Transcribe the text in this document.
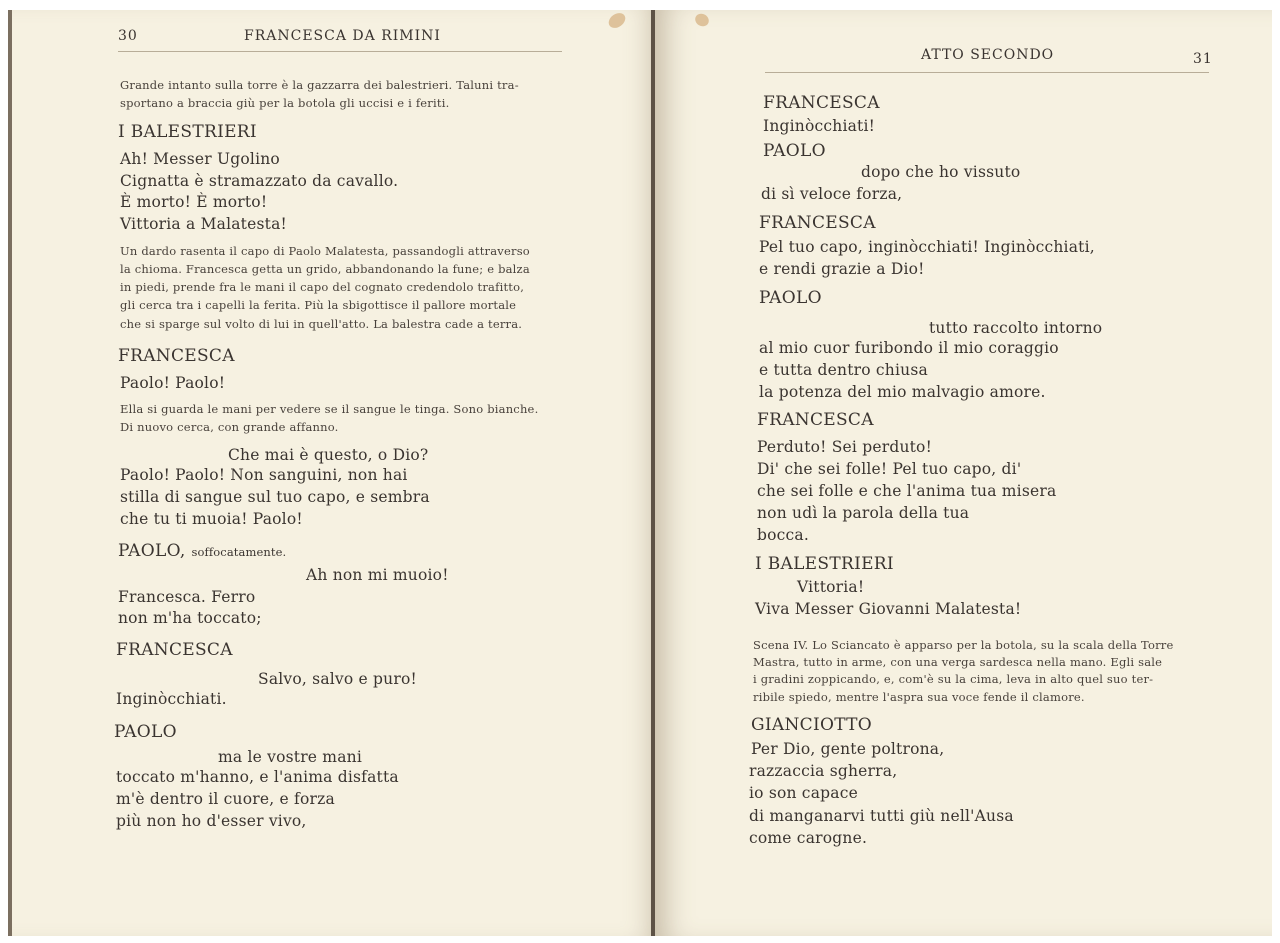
30	FRANCESCA DA RIMINI
Grande intanto sulla torre è la gazzarra dei balestrieri. Taluni tra-
sportano a braccia giù per la botola gli uccisi e i feriti.
I BALESTRIERI
Ah! Messer Ugolino
Cignatta è stramazzato da cavallo.
È morto! È morto!
Vittoria a Malatesta!
Un dardo rasenta il capo di Paolo Malatesta, passandogli attraverso
la chioma. Francesca getta un grido, abbandonando la fune; e balza
in piedi, prende fra le mani il capo del cognato credendolo trafitto,
gli cerca tra i capelli la ferita. Più la sbigottisce il pallore mortale
che si sparge sul volto di lui in quell'atto. La balestra cade a terra.
FRANCESCA
Paolo! Paolo!
Ella si guarda le mani per vedere se il sangue le tinga. Sono bianche.
Di nuovo cerca, con grande affanno.
Che mai è questo, o Dio?
Paolo! Paolo! Non sanguini, non hai
stilla di sangue sul tuo capo, e sembra
che tu ti muoia! Paolo!
PAOLO, soffocatamente.
Ah non mi muoio!
Francesca. Ferro
non m'ha toccato;
FRANCESCA
Salvo, salvo e puro!
Inginòcchiati.
PAOLO
ma le vostre mani
toccato m'hanno, e l'anima disfatta
m'è dentro il cuore, e forza
più non ho d'esser vivo,
ATTO SECONDO	31
FRANCESCA
Inginòcchiati!
PAOLO
dopo che ho vissuto
di sì veloce forza,
FRANCESCA
Pel tuo capo, inginòcchiati! Inginòcchiati,
e rendi grazie a Dio!
PAOLO
tutto raccolto intorno
al mio cuor furibondo il mio coraggio
e tutta dentro chiusa
la potenza del mio malvagio amore.
FRANCESCA
Perduto! Sei perduto!
Di' che sei folle! Pel tuo capo, di'
che sei folle e che l'anima tua misera
non udì la parola della tua
bocca.
I BALESTRIERI
Vittoria!
Viva Messer Giovanni Malatesta!
Scena IV. Lo Sciancato è apparso per la botola, su la scala della Torre
Mastra, tutto in arme, con una verga sardesca nella mano. Egli sale
i gradini zoppicando, e, com'è su la cima, leva in alto quel suo ter-
ribile spiedo, mentre l'aspra sua voce fende il clamore.
GIANCIOTTO
Per Dio, gente poltrona,
razzaccia sgherra,
io son capace
di manganarvi tutti giù nell'Ausa
come carogne.
